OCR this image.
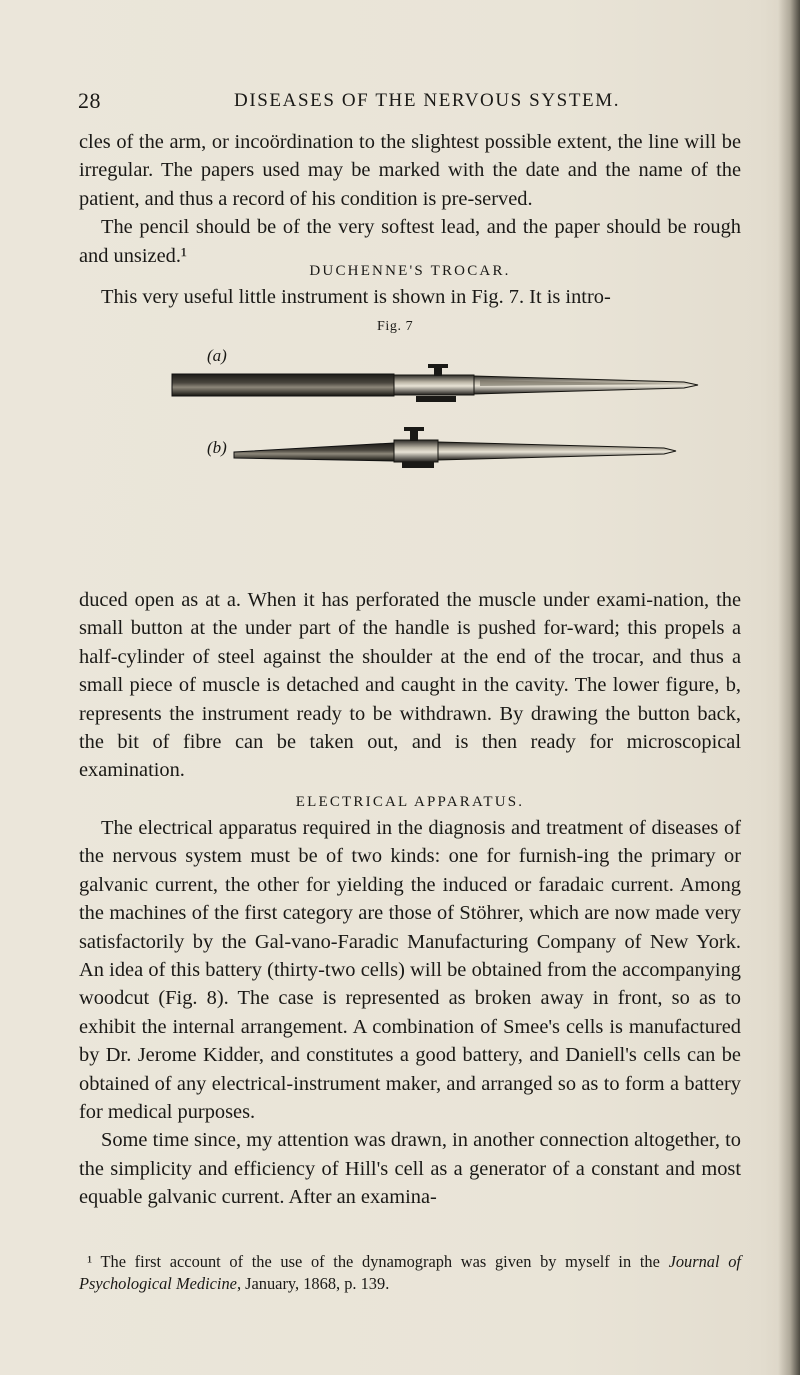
28	DISEASES OF THE NERVOUS SYSTEM.

cles of the arm, or incoördination to the slightest possible extent, the line will be irregular. The papers used may be marked with the date and the name of the patient, and thus a record of his condition is pre-served.

The pencil should be of the very softest lead, and the paper should be rough and unsized.¹

DUCHENNE'S TROCAR.

This very useful little instrument is shown in Fig. 7. It is intro-

Fig. 7
(a)
(b)

duced open as at a. When it has perforated the muscle under exami-nation, the small button at the under part of the handle is pushed for-ward; this propels a half-cylinder of steel against the shoulder at the end of the trocar, and thus a small piece of muscle is detached and caught in the cavity. The lower figure, b, represents the instrument ready to be withdrawn. By drawing the button back, the bit of fibre can be taken out, and is then ready for microscopical examination.

ELECTRICAL APPARATUS.

The electrical apparatus required in the diagnosis and treatment of diseases of the nervous system must be of two kinds: one for furnish-ing the primary or galvanic current, the other for yielding the induced or faradaic current. Among the machines of the first category are those of Stöhrer, which are now made very satisfactorily by the Gal-vano-Faradic Manufacturing Company of New York. An idea of this battery (thirty-two cells) will be obtained from the accompanying woodcut (Fig. 8). The case is represented as broken away in front, so as to exhibit the internal arrangement. A combination of Smee's cells is manufactured by Dr. Jerome Kidder, and constitutes a good battery, and Daniell's cells can be obtained of any electrical-instrument maker, and arranged so as to form a battery for medical purposes.

Some time since, my attention was drawn, in another connection altogether, to the simplicity and efficiency of Hill's cell as a generator of a constant and most equable galvanic current. After an examina-

 ¹ The first account of the use of the dynamograph was given by myself in the Journal of Psychological Medicine, January, 1868, p. 139.
